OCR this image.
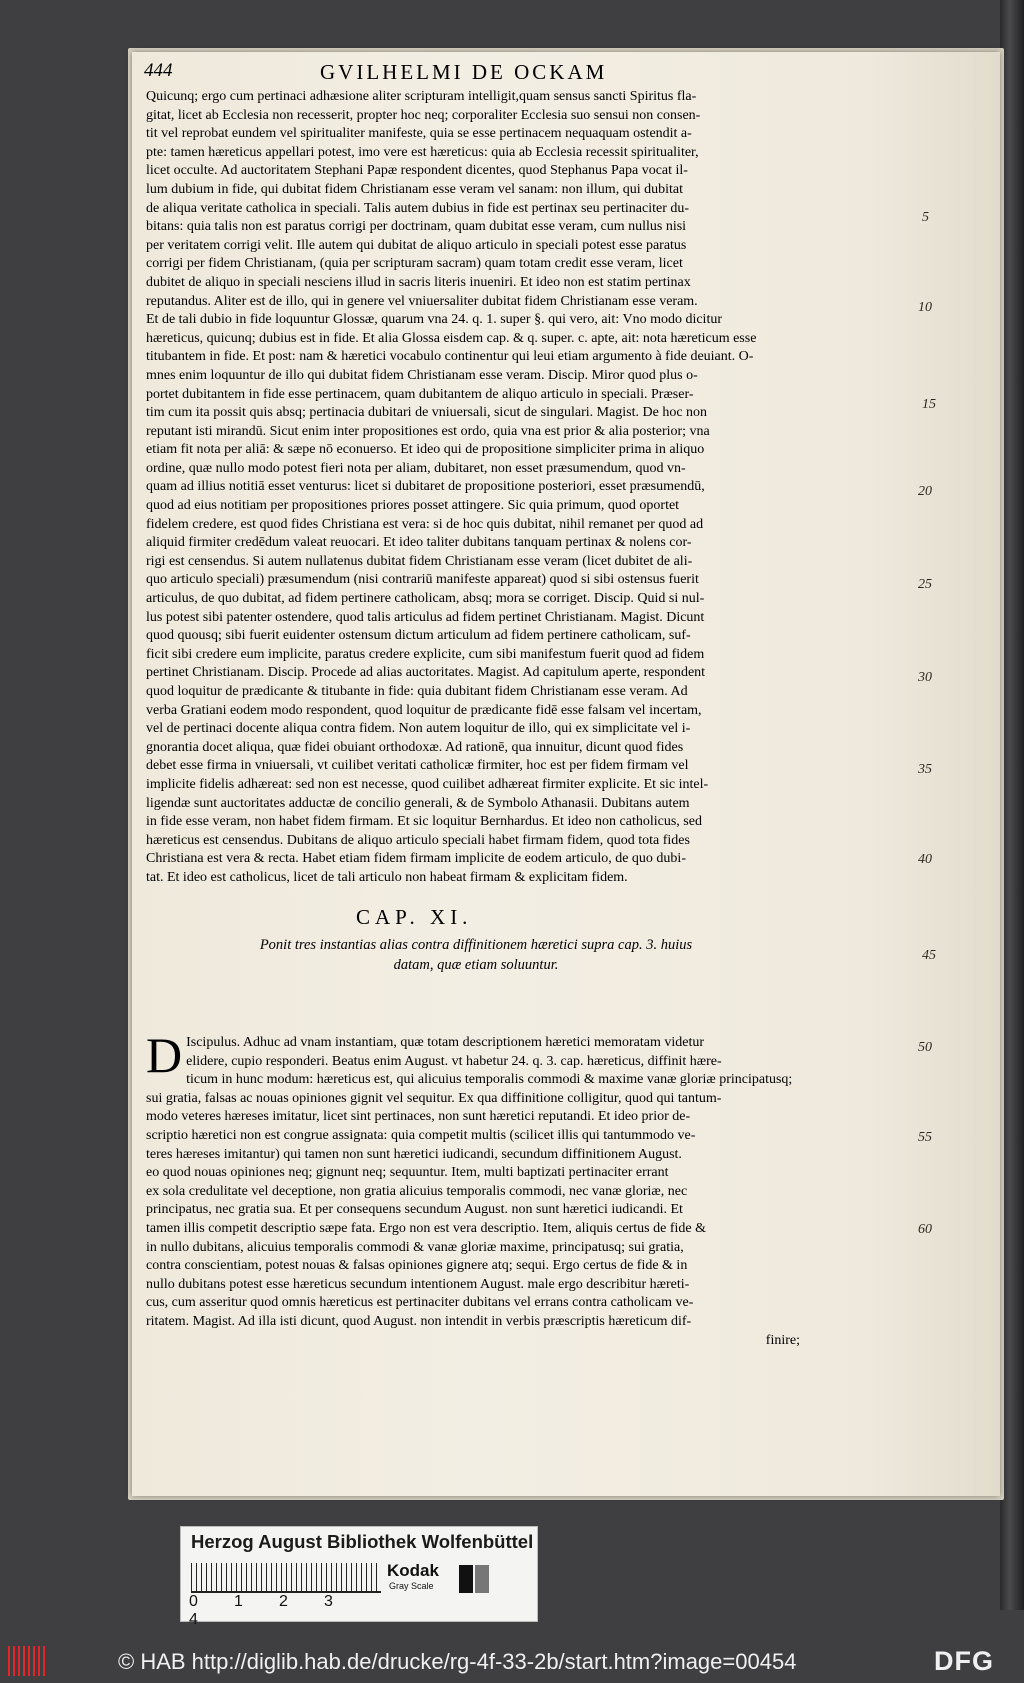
444	GVILHELMI DE OCKAM
Quicunq; ergo cum pertinaci adhæsione aliter scripturam intelligit,quam sensus sancti Spiritus fla-
gitat, licet ab Ecclesia non recesserit, propter hoc neq; corporaliter Ecclesia suo sensui non consen-
tit vel reprobat eundem vel spiritualiter manifeste, quia se esse pertinacem nequaquam ostendit a-
pte: tamen hæreticus appellari potest, imo vere est hæreticus: quia ab Ecclesia recessit spiritualiter,
licet occulte. Ad auctoritatem Stephani Papæ respondent dicentes, quod Stephanus Papa vocat il-
lum dubium in fide, qui dubitat fidem Christianam esse veram vel sanam: non illum, qui dubitat
de aliqua veritate catholica in speciali. Talis autem dubius in fide est pertinax seu pertinaciter du-
bitans: quia talis non est paratus corrigi per doctrinam, quam dubitat esse veram, cum nullus nisi
per veritatem corrigi velit. Ille autem qui dubitat de aliquo articulo in speciali potest esse paratus
corrigi per fidem Christianam, (quia per scripturam sacram) quam totam credit esse veram, licet
dubitet de aliquo in speciali nesciens illud in sacris literis inueniri. Et ideo non est statim pertinax
reputandus. Aliter est de illo, qui in genere vel vniuersaliter dubitat fidem Christianam esse veram.
Et de tali dubio in fide loquuntur Glossæ, quarum vna 24. q. 1. super §. qui vero, ait: Vno modo dicitur
hæreticus, quicunq; dubius est in fide. Et alia Glossa eisdem cap. & q. super. c. apte, ait: nota hæreticum esse
titubantem in fide. Et post: nam & hæretici vocabulo continentur qui leui etiam argumento à fide deuiant. O-
mnes enim loquuntur de illo qui dubitat fidem Christianam esse veram. Discip. Miror quod plus o-
portet dubitantem in fide esse pertinacem, quam dubitantem de aliquo articulo in speciali. Præser-
tim cum ita possit quis absq; pertinacia dubitari de vniuersali, sicut de singulari. Magist. De hoc non
reputant isti mirandū. Sicut enim inter propositiones est ordo, quia vna est prior & alia posterior; vna
etiam fit nota per aliā: & sæpe nō econuerso. Et ideo qui de propositione simpliciter prima in aliquo
ordine, quæ nullo modo potest fieri nota per aliam, dubitaret, non esset præsumendum, quod vn-
quam ad illius notitiā esset venturus: licet si dubitaret de propositione posteriori, esset præsumendū,
quod ad eius notitiam per propositiones priores posset attingere. Sic quia primum, quod oportet
fidelem credere, est quod fides Christiana est vera: si de hoc quis dubitat, nihil remanet per quod ad
aliquid firmiter credēdum valeat reuocari. Et ideo taliter dubitans tanquam pertinax & nolens cor-
rigi est censendus. Si autem nullatenus dubitat fidem Christianam esse veram (licet dubitet de ali-
quo articulo speciali) præsumendum (nisi contrariū manifeste appareat) quod si sibi ostensus fuerit
articulus, de quo dubitat, ad fidem pertinere catholicam, absq; mora se corriget. Discip. Quid si nul-
lus potest sibi patenter ostendere, quod talis articulus ad fidem pertinet Christianam. Magist. Dicunt
quod quousq; sibi fuerit euidenter ostensum dictum articulum ad fidem pertinere catholicam, suf-
ficit sibi credere eum implicite, paratus credere explicite, cum sibi manifestum fuerit quod ad fidem
pertinet Christianam. Discip. Procede ad alias auctoritates. Magist. Ad capitulum aperte, respondent
quod loquitur de prædicante & titubante in fide: quia dubitant fidem Christianam esse veram. Ad
verba Gratiani eodem modo respondent, quod loquitur de prædicante fidē esse falsam vel incertam,
vel de pertinaci docente aliqua contra fidem. Non autem loquitur de illo, qui ex simplicitate vel i-
gnorantia docet aliqua, quæ fidei obuiant orthodoxæ. Ad rationē, qua innuitur, dicunt quod fides
debet esse firma in vniuersali, vt cuilibet veritati catholicæ firmiter, hoc est per fidem firmam vel
implicite fidelis adhæreat: sed non est necesse, quod cuilibet adhæreat firmiter explicite. Et sic intel-
ligendæ sunt auctoritates adductæ de concilio generali, & de Symbolo Athanasii. Dubitans autem
in fide esse veram, non habet fidem firmam. Et sic loquitur Bernhardus. Et ideo non catholicus, sed
hæreticus est censendus. Dubitans de aliquo articulo speciali habet firmam fidem, quod tota fides
Christiana est vera & recta. Habet etiam fidem firmam implicite de eodem articulo, de quo dubi-
tat. Et ideo est catholicus, licet de tali articulo non habeat firmam & explicitam fidem.
5
10
15
20
25
30
35
40
45
50
55
60
CAP. XI.
Ponit tres instantias alias contra diffinitionem hæretici supra cap. 3. huius
datam, quæ etiam soluuntur.
D Iscipulus. Adhuc ad vnam instantiam, quæ totam descriptionem hæretici memoratam videtur
elidere, cupio responderi. Beatus enim August. vt habetur 24. q. 3. cap. hæreticus, diffinit hære-
ticum in hunc modum: hæreticus est, qui alicuius temporalis commodi & maxime vanæ gloriæ principatusq;
sui gratia, falsas ac nouas opiniones gignit vel sequitur. Ex qua diffinitione colligitur, quod qui tantum-
modo veteres hæreses imitatur, licet sint pertinaces, non sunt hæretici reputandi. Et ideo prior de-
scriptio hæretici non est congrue assignata: quia competit multis (scilicet illis qui tantummodo ve-
teres hæreses imitantur) qui tamen non sunt hæretici iudicandi, secundum diffinitionem August.
eo quod nouas opiniones neq; gignunt neq; sequuntur. Item, multi baptizati pertinaciter errant
ex sola credulitate vel deceptione, non gratia alicuius temporalis commodi, nec vanæ gloriæ, nec
principatus, nec gratia sua. Et per consequens secundum August. non sunt hæretici iudicandi. Et
tamen illis competit descriptio sæpe fata. Ergo non est vera descriptio. Item, aliquis certus de fide &
in nullo dubitans, alicuius temporalis commodi & vanæ gloriæ maxime, principatusq; sui gratia,
contra conscientiam, potest nouas & falsas opiniones gignere atq; sequi. Ergo certus de fide & in
nullo dubitans potest esse hæreticus secundum intentionem August. male ergo describitur hæreti-
cus, cum asseritur quod omnis hæreticus est pertinaciter dubitans vel errans contra catholicam ve-
ritatem. Magist. Ad illa isti dicunt, quod August. non intendit in verbis præscriptis hæreticum dif-
finire;
Herzog August Bibliothek Wolfenbüttel
0 1 2 34
Kodak
Gray Scale
© HAB http://diglib.hab.de/drucke/rg-4f-33-2b/start.htm?image=00454	DFG
